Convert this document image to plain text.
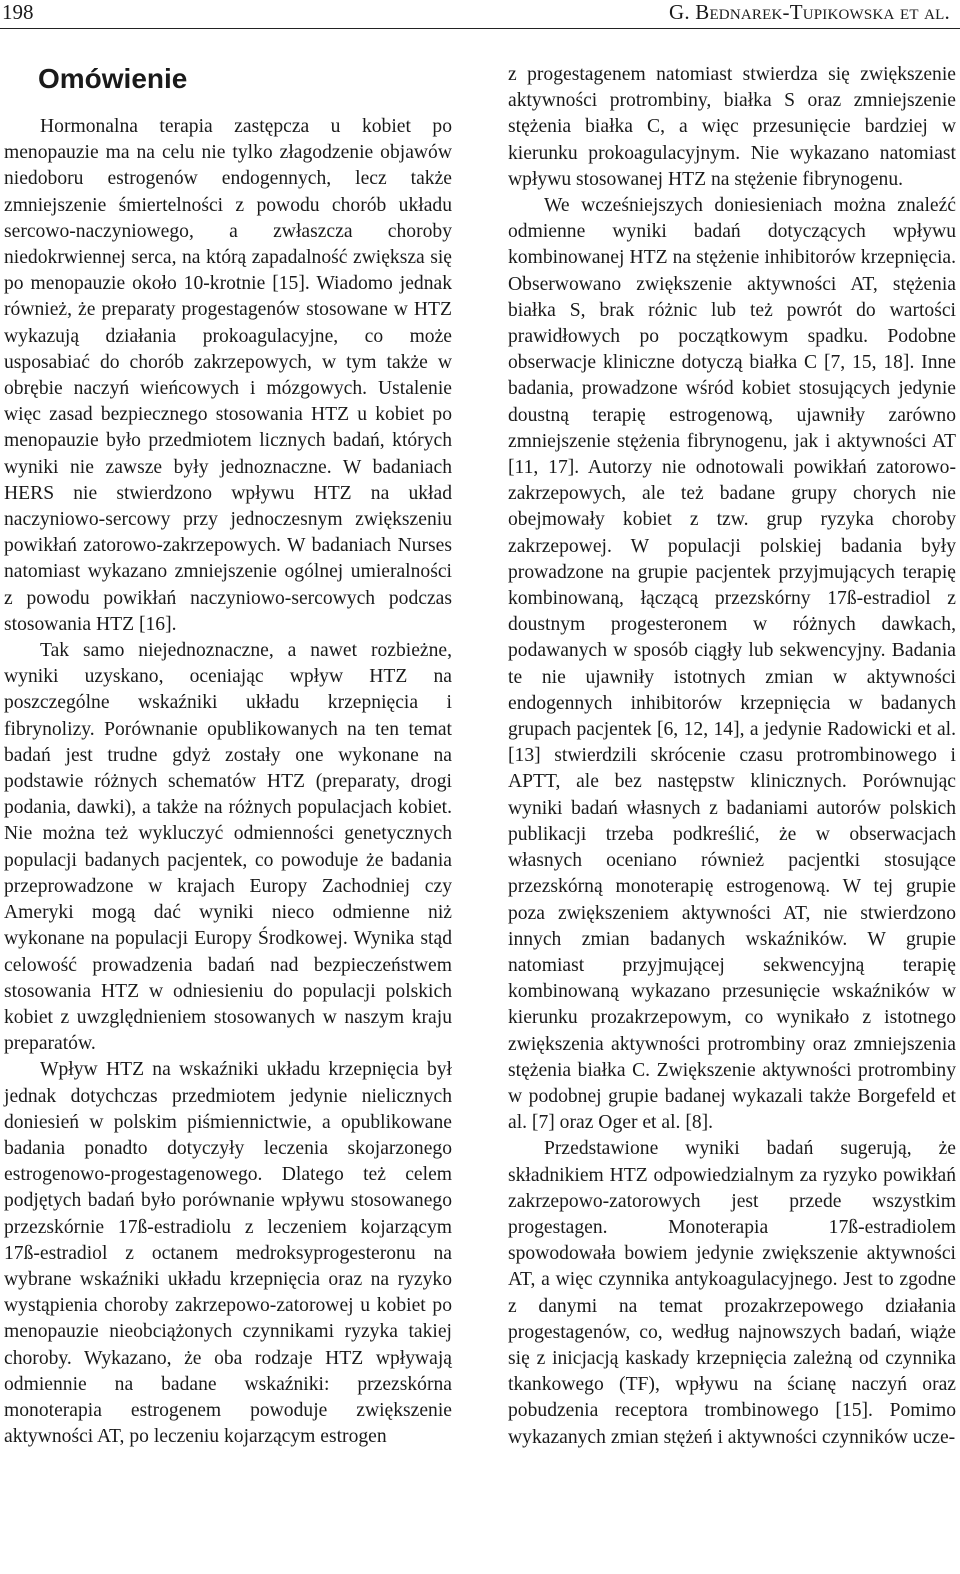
198	G. Bednarek-Tupikowska et al.
Omówienie

Hormonalna terapia zastępcza u kobiet po menopauzie ma na celu nie tylko złagodzenie objawów niedoboru estrogenów endogennych, lecz także zmniejszenie śmiertelności z powodu chorób układu sercowo-naczyniowego, a zwłaszcza choroby niedokrwiennej serca, na którą zapadalność zwiększa się po menopauzie około 10-krotnie [15]. Wiadomo jednak również, że preparaty progestagenów stosowane w HTZ wykazują działania prokoagulacyjne, co może usposabiać do chorób zakrzepowych, w tym także w obrębie naczyń wieńcowych i mózgowych. Ustalenie więc zasad bezpiecznego stosowania HTZ u kobiet po menopauzie było przedmiotem licznych badań, których wyniki nie zawsze były jednoznaczne. W badaniach HERS nie stwierdzono wpływu HTZ na układ naczyniowo-sercowy przy jednoczesnym zwiększeniu powikłań zatorowo-zakrzepowych. W badaniach Nurses natomiast wykazano zmniejszenie ogólnej umieralności z powodu powikłań naczyniowo-sercowych podczas stosowania HTZ [16].

Tak samo niejednoznaczne, a nawet rozbieżne, wyniki uzyskano, oceniając wpływ HTZ na poszczególne wskaźniki układu krzepnięcia i fibrynolizy. Porównanie opublikowanych na ten temat badań jest trudne gdyż zostały one wykonane na podstawie różnych schematów HTZ (preparaty, drogi podania, dawki), a także na różnych populacjach kobiet. Nie można też wykluczyć odmienności genetycznych populacji badanych pacjentek, co powoduje że badania przeprowadzone w krajach Europy Zachodniej czy Ameryki mogą dać wyniki nieco odmienne niż wykonane na populacji Europy Środkowej. Wynika stąd celowość prowadzenia badań nad bezpieczeństwem stosowania HTZ w odniesieniu do populacji polskich kobiet z uwzględnieniem stosowanych w naszym kraju preparatów.

Wpływ HTZ na wskaźniki układu krzepnięcia był jednak dotychczas przedmiotem jedynie nielicznych doniesień w polskim piśmiennictwie, a opublikowane badania ponadto dotyczyły leczenia skojarzonego estrogenowo-progestagenowego. Dlatego też celem podjętych badań było porównanie wpływu stosowanego przezskórnie 17ß-estradiolu z leczeniem kojarzącym 17ß-estradiol z octanem medroksyprogesteronu na wybrane wskaźniki układu krzepnięcia oraz na ryzyko wystąpienia choroby zakrzepowo-zatorowej u kobiet po menopauzie nieobciążonych czynnikami ryzyka takiej choroby. Wykazano, że oba rodzaje HTZ wpływają odmiennie na badane wskaźniki: przezskórna monoterapia estrogenem powoduje zwiększenie aktywności AT, po leczeniu kojarzącym estrogen

z progestagenem natomiast stwierdza się zwiększenie aktywności protrombiny, białka S oraz zmniejszenie stężenia białka C, a więc przesunięcie bardziej w kierunku prokoagulacyjnym. Nie wykazano natomiast wpływu stosowanej HTZ na stężenie fibrynogenu.

We wcześniejszych doniesieniach można znaleźć odmienne wyniki badań dotyczących wpływu kombinowanej HTZ na stężenie inhibitorów krzepnięcia. Obserwowano zwiększenie aktywności AT, stężenia białka S, brak różnic lub też powrót do wartości prawidłowych po początkowym spadku. Podobne obserwacje kliniczne dotyczą białka C [7, 15, 18]. Inne badania, prowadzone wśród kobiet stosujących jedynie doustną terapię estrogenową, ujawniły zarówno zmniejszenie stężenia fibrynogenu, jak i aktywności AT [11, 17]. Autorzy nie odnotowali powikłań zatorowo-zakrzepowych, ale też badane grupy chorych nie obejmowały kobiet z tzw. grup ryzyka choroby zakrzepowej. W populacji polskiej badania były prowadzone na grupie pacjentek przyjmujących terapię kombinowaną, łączącą przezskórny 17ß-estradiol z doustnym progesteronem w różnych dawkach, podawanych w sposób ciągły lub sekwencyjny. Badania te nie ujawniły istotnych zmian w aktywności endogennych inhibitorów krzepnięcia w badanych grupach pacjentek [6, 12, 14], a jedynie Radowicki et al. [13] stwierdzili skrócenie czasu protrombinowego i APTT, ale bez następstw klinicznych. Porównując wyniki badań własnych z badaniami autorów polskich publikacji trzeba podkreślić, że w obserwacjach własnych oceniano również pacjentki stosujące przezskórną monoterapię estrogenową. W tej grupie poza zwiększeniem aktywności AT, nie stwierdzono innych zmian badanych wskaźników. W grupie natomiast przyjmującej sekwencyjną terapię kombinowaną wykazano przesunięcie wskaźników w kierunku prozakrzepowym, co wynikało z istotnego zwiększenia aktywności protrombiny oraz zmniejszenia stężenia białka C. Zwiększenie aktywności protrombiny w podobnej grupie badanej wykazali także Borgefeld et al. [7] oraz Oger et al. [8].

Przedstawione wyniki badań sugerują, że składnikiem HTZ odpowiedzialnym za ryzyko powikłań zakrzepowo-zatorowych jest przede wszystkim progestagen. Monoterapia 17ß-estradiolem spowodowała bowiem jedynie zwiększenie aktywności AT, a więc czynnika antykoagulacyjnego. Jest to zgodne z danymi na temat prozakrzepowego działania progestagenów, co, według najnowszych badań, wiąże się z inicjacją kaskady krzepnięcia zależną od czynnika tkankowego (TF), wpływu na ścianę naczyń oraz pobudzenia receptora trombinowego [15]. Pomimo wykazanych zmian stężeń i aktywności czynników ucze-
